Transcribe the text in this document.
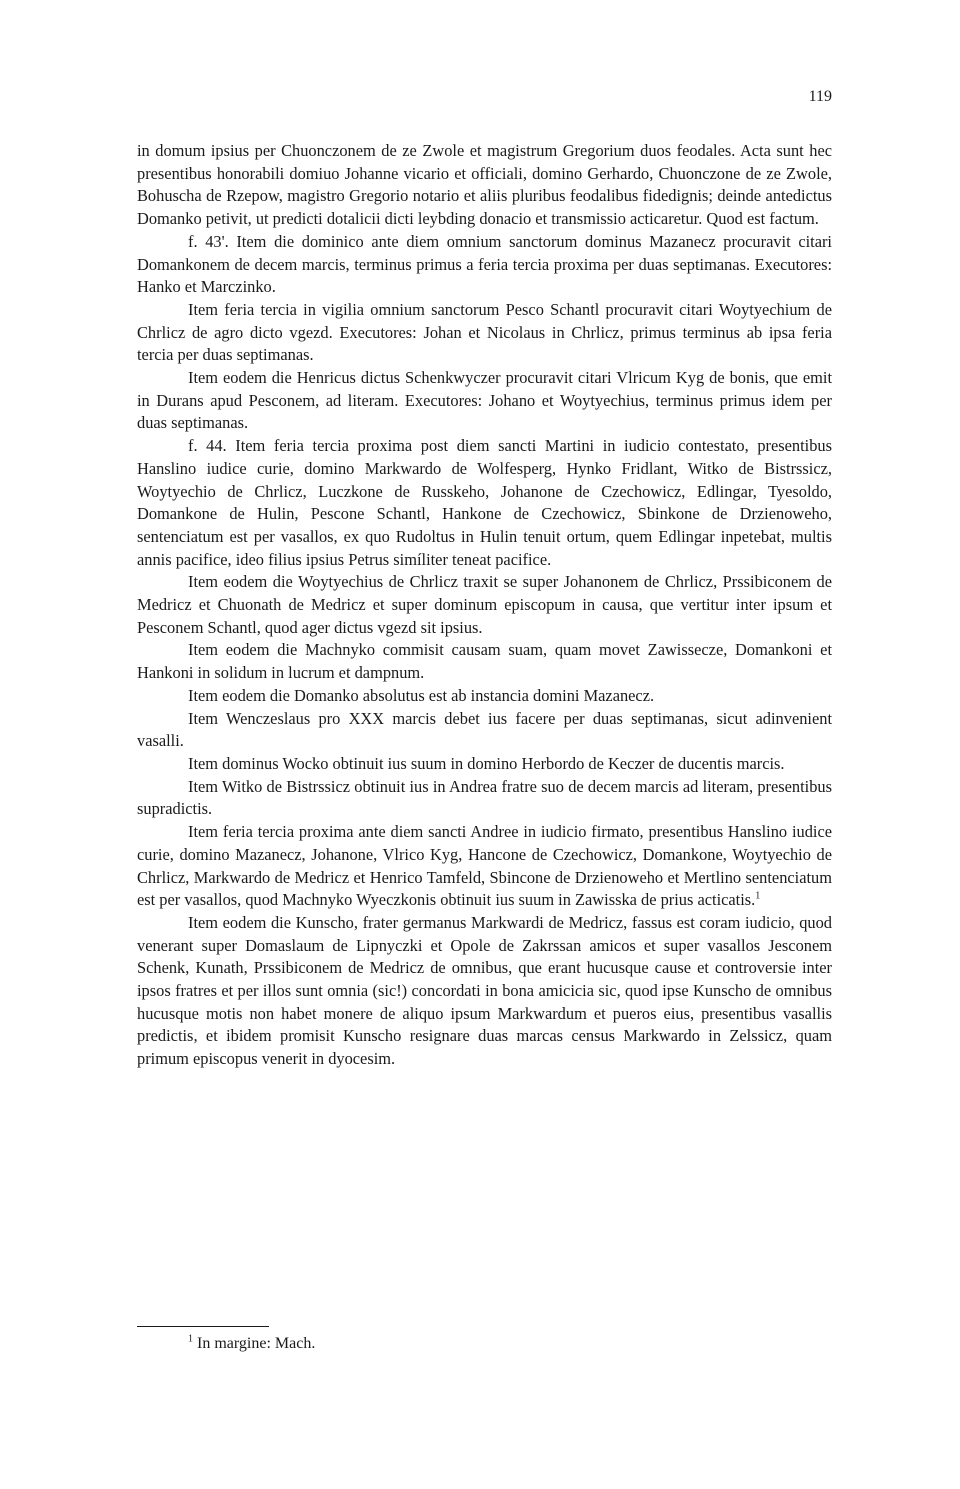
119

in domum ipsius per Chuonczonem de ze Zwole et magistrum Gregorium duos feodales. Acta sunt hec presentibus honorabili domiuo Johanne vicario et officiali, domino Gerhardo, Chuonczone de ze Zwole, Bohuscha de Rzepow, magistro Gregorio notario et aliis pluribus feodalibus fidedignis; deinde antedictus Domanko petivit, ut predicti dotalicii dicti leybding donacio et transmissio acticaretur. Quod est factum.

f. 43'. Item die dominico ante diem omnium sanctorum dominus Mazanecz procuravit citari Domankonem de decem marcis, terminus primus a feria tercia proxima per duas septimanas. Executores: Hanko et Marczinko.

Item feria tercia in vigilia omnium sanctorum Pesco Schantl procuravit citari Woytyechium de Chrlicz de agro dicto vgezd. Executores: Johan et Nicolaus in Chrlicz, primus terminus ab ipsa feria tercia per duas septimanas.

Item eodem die Henricus dictus Schenkwyczer procuravit citari Vlricum Kyg de bonis, que emit in Durans apud Pesconem, ad literam. Executores: Johano et Woytyechius, terminus primus idem per duas septimanas.

f. 44. Item feria tercia proxima post diem sancti Martini in iudicio contestato, presentibus Hanslino iudice curie, domino Markwardo de Wolfesperg, Hynko Fridlant, Witko de Bistrssicz, Woytyechio de Chrlicz, Luczkone de Russkeho, Johanone de Czechowicz, Edlingar, Tyesoldo, Domankone de Hulin, Pescone Schantl, Hankone de Czechowicz, Sbinkone de Drzienoweho, sentenciatum est per vasallos, ex quo Rudoltus in Hulin tenuit ortum, quem Edlingar inpetebat, multis annis pacifice, ideo filius ipsius Petrus simíliter teneat pacifice.

Item eodem die Woytyechius de Chrlicz traxit se super Johanonem de Chrlicz, Prssibiconem de Medricz et Chuonath de Medricz et super dominum episcopum in causa, que vertitur inter ipsum et Pesconem Schantl, quod ager dictus vgezd sit ipsius.

Item eodem die Machnyko commisit causam suam, quam movet Zawissecze, Domankoni et Hankoni in solidum in lucrum et dampnum.

Item eodem die Domanko absolutus est ab instancia domini Mazanecz.

Item Wenczeslaus pro XXX marcis debet ius facere per duas septimanas, sicut adinvenient vasalli.

Item dominus Wocko obtinuit ius suum in domino Herbordo de Keczer de ducentis marcis.

Item Witko de Bistrssicz obtinuit ius in Andrea fratre suo de decem marcis ad literam, presentibus supradictis.

Item feria tercia proxima ante diem sancti Andree in iudicio firmato, presentibus Hanslino iudice curie, domino Mazanecz, Johanone, Vlrico Kyg, Hancone de Czechowicz, Domankone, Woytyechio de Chrlicz, Markwardo de Medricz et Henrico Tamfeld, Sbincone de Drzienoweho et Mertlino sentenciatum est per vasallos, quod Machnyko Wyeczkonis obtinuit ius suum in Zawisska de prius acticatis.$^1$

Item eodem die Kunscho, frater germanus Markwardi de Medricz, fassus est coram iudicio, quod venerant super Domaslaum de Lipnyczki et Opole de Zakrssan amicos et super vasallos Jesconem Schenk, Kunath, Prssibiconem de Medricz de omnibus, que erant hucusque cause et controversie inter ipsos fratres et per illos sunt omnia (sic!) concordati in bona amicicia sic, quod ipse Kunscho de omnibus hucusque motis non habet monere de aliquo ipsum Markwardum et pueros eius, presentibus vasallis predictis, et ibidem promisit Kunscho resignare duas marcas census Markwardo in Zelssicz, quam primum episcopus venerit in dyocesim.

$^1$ In margine: Mach.
